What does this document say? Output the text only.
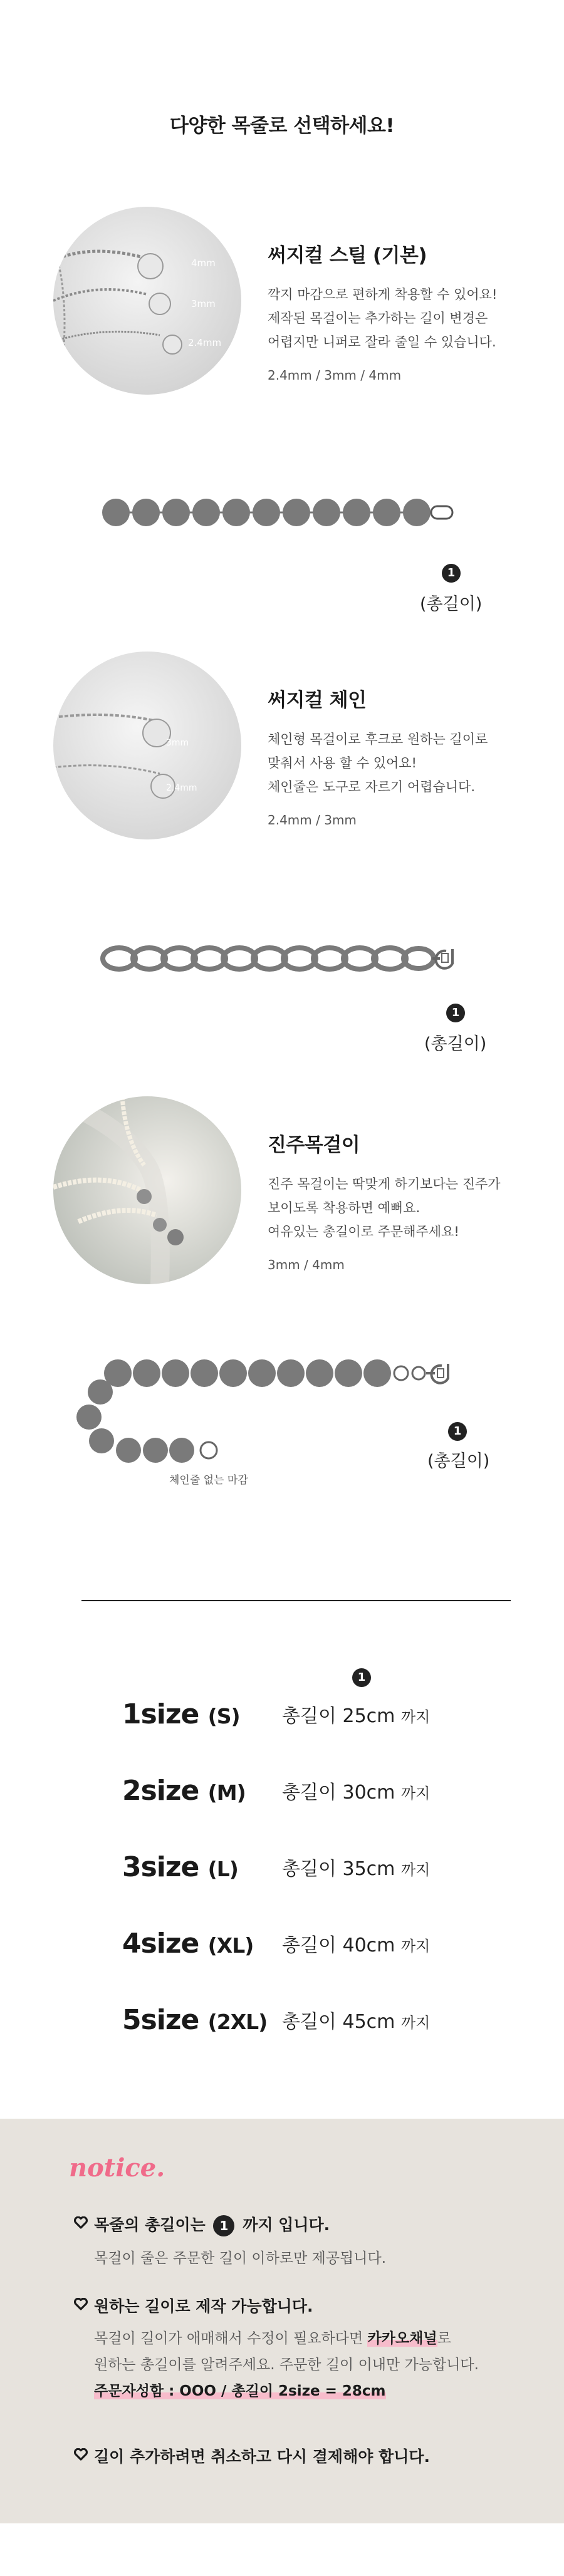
다양한 목줄로 선택하세요!
4mm
3mm
2.4mm
써지컬 스틸 (기본)
깍지 마감으로 편하게 착용할 수 있어요!
제작된 목걸이는 추가하는 길이 변경은
어렵지만 니퍼로 잘라 줄일 수 있습니다.
2.4mm / 3mm / 4mm
1
(총길이)
3mm
2.4mm
써지컬 체인
체인형 목걸이로 후크로 원하는 길이로
맞춰서 사용 할 수 있어요!
체인줄은 도구로 자르기 어렵습니다.
2.4mm / 3mm
1
(총길이)
진주목걸이
진주 목걸이는 딱맞게 하기보다는 진주가
보이도록 착용하면 예뻐요.
여유있는 총길이로 주문해주세요!
3mm / 4mm
체인줄 없는 마감
1
(총길이)
1
1size (S) 총길이 25cm 까지
2size (M) 총길이 30cm 까지
3size (L) 총길이 35cm 까지
4size (XL) 총길이 40cm 까지
5size (2XL) 총길이 45cm 까지
notice.
목줄의 총길이는 1 까지 입니다.
목걸이 줄은 주문한 길이 이하로만 제공됩니다.
원하는 길이로 제작 가능합니다.
목걸이 길이가 애매해서 수정이 필요하다면 카카오채널로
원하는 총길이를 알려주세요. 주문한 길이 이내만 가능합니다.
주문자성함 : OOO / 총길이 2size = 28cm
길이 추가하려면 취소하고 다시 결제해야 합니다.
